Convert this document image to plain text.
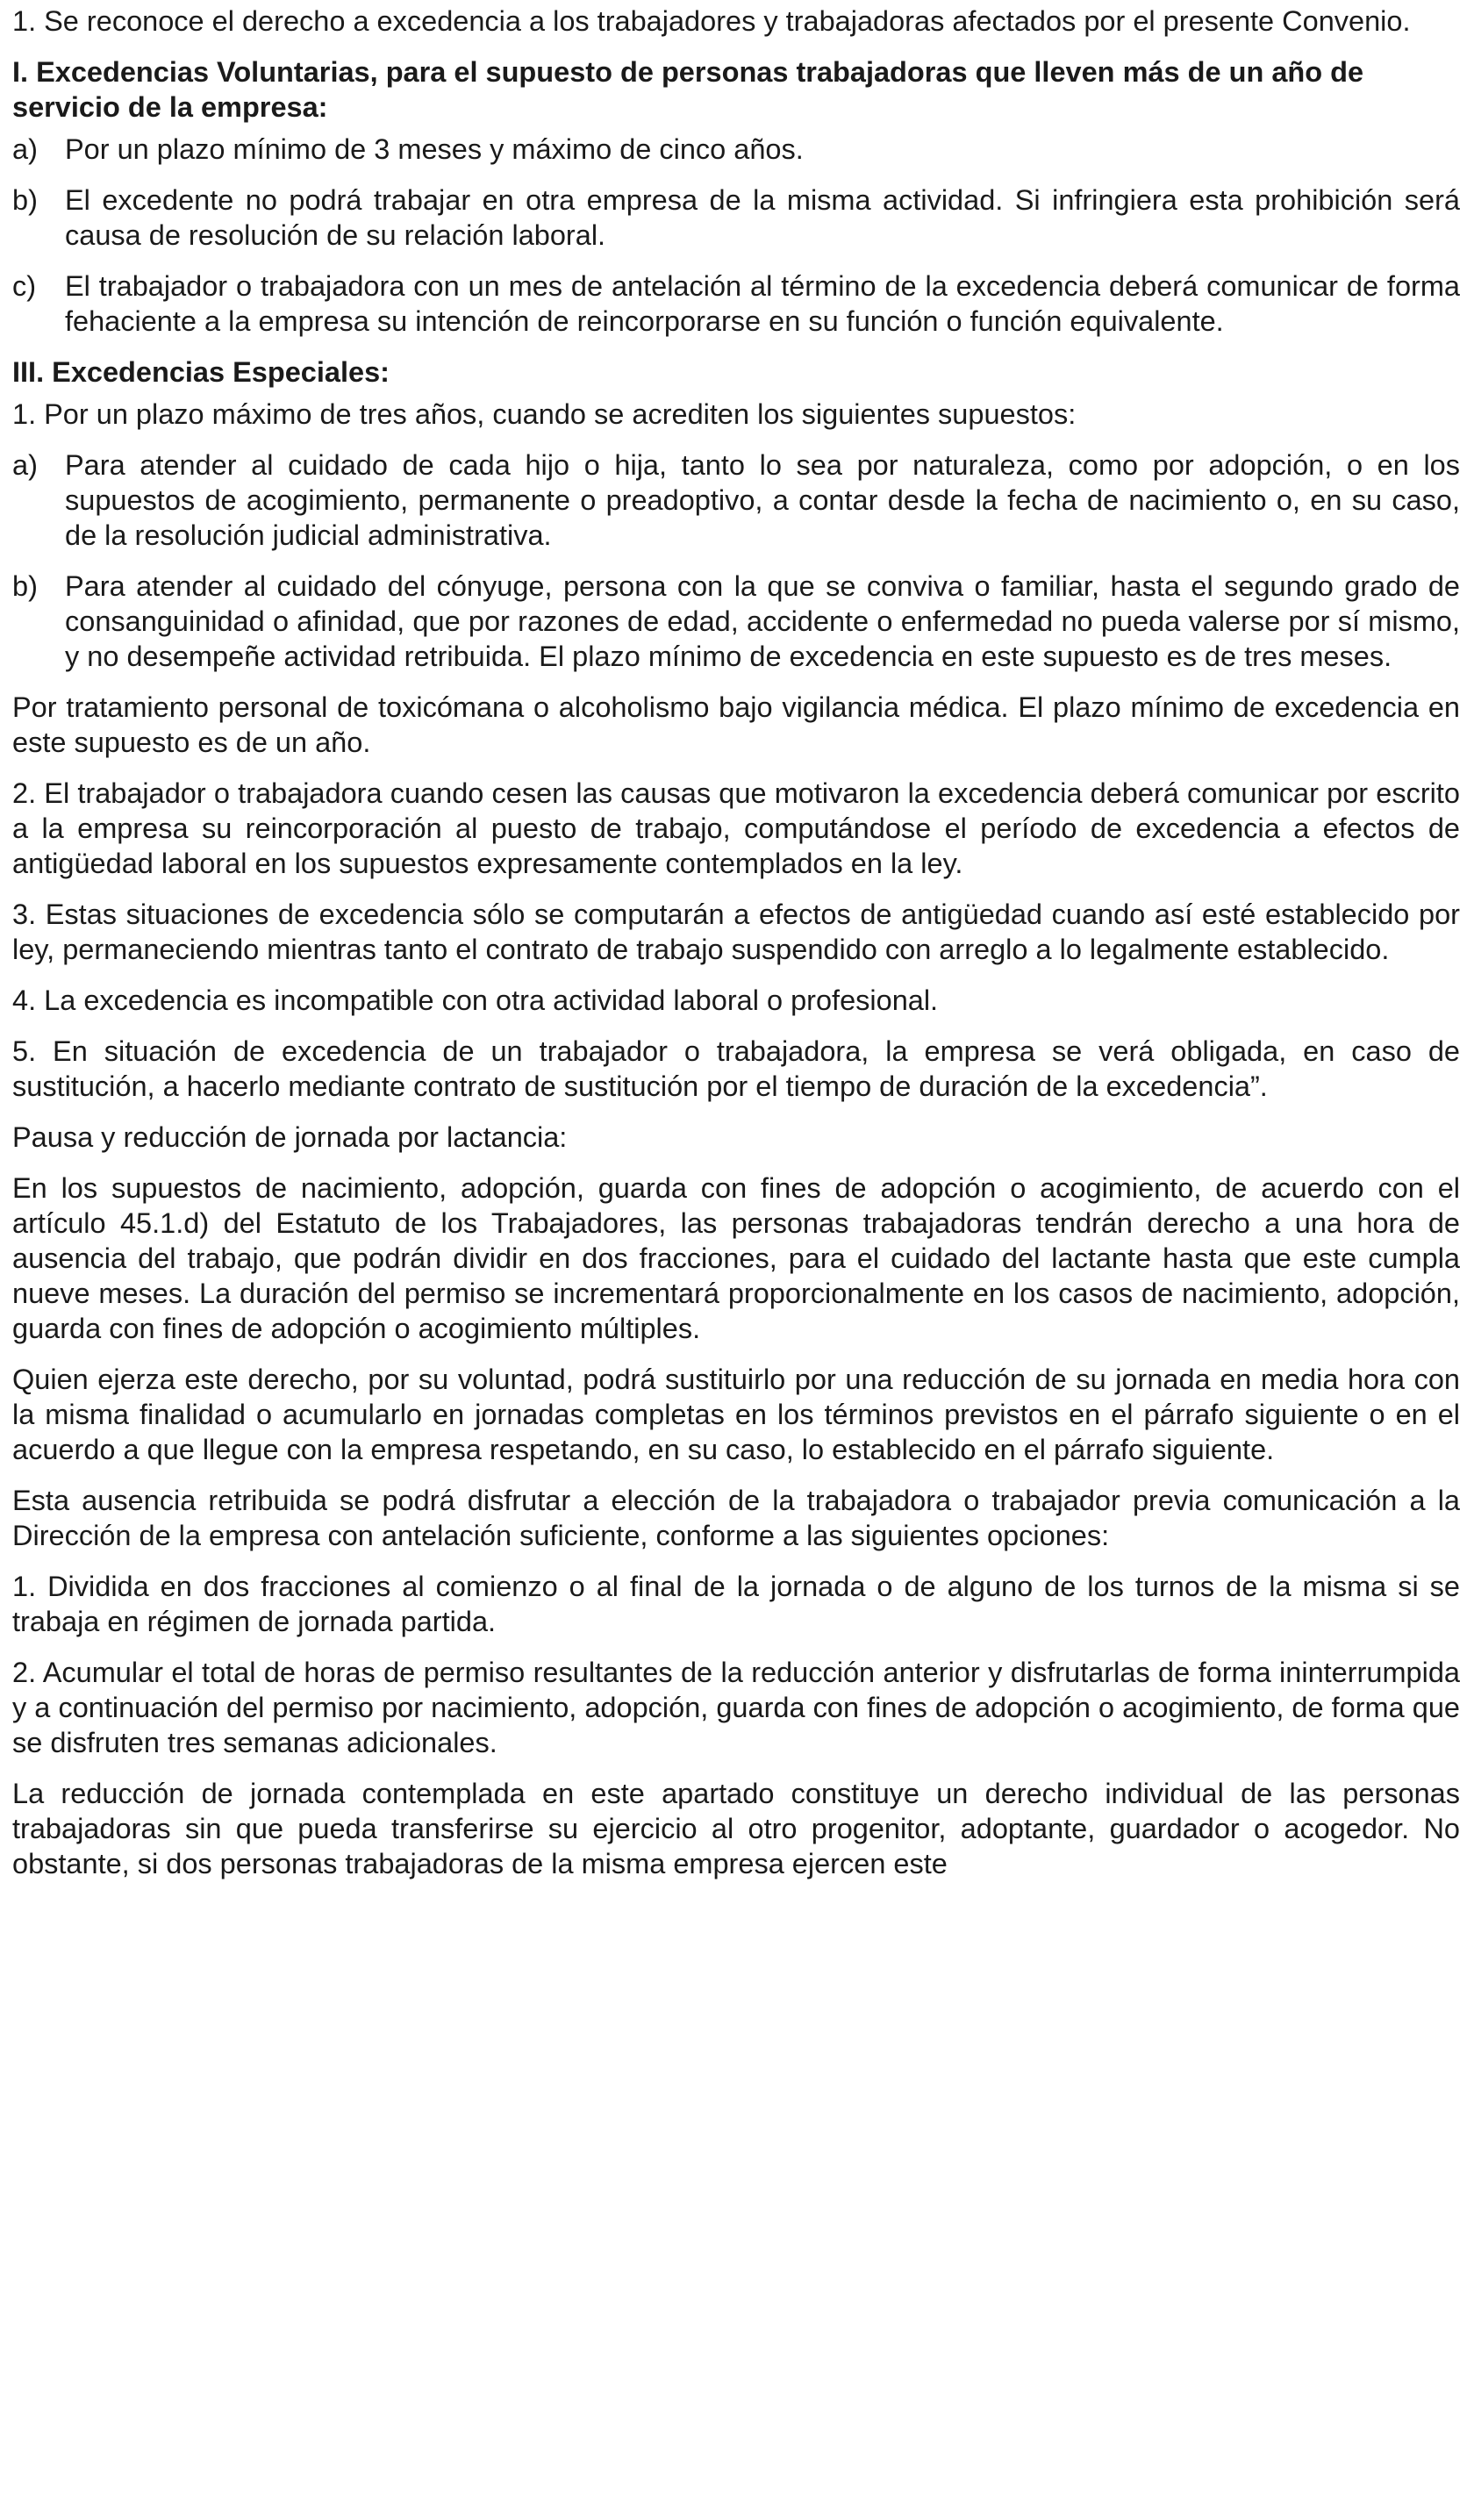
1. Se reconoce el derecho a excedencia a los trabajadores y trabajadoras afectados por el presente Convenio.

I. Excedencias Voluntarias, para el supuesto de personas trabajadoras que lleven más de un año de servicio de la empresa:
a) Por un plazo mínimo de 3 meses y máximo de cinco años.
b) El excedente no podrá trabajar en otra empresa de la misma actividad. Si infringiera esta prohibición será causa de resolución de su relación laboral.
c)	El trabajador o trabajadora con un mes de antelación al término de la excedencia deberá comunicar de forma fehaciente a la empresa su intención de reincorporarse en su función o función equivalente.
III. Excedencias Especiales:

1. Por un plazo máximo de tres años, cuando se acrediten los siguientes supuestos:

a) Para atender al cuidado de cada hijo o hija, tanto lo sea por naturaleza, como por adopción, o en los supuestos de acogimiento, permanente o preadoptivo, a contar desde la fecha de nacimiento o, en su caso, de la resolución judicial administrativa.
b) Para atender al cuidado del cónyuge, persona con la que se conviva o familiar, hasta el segundo grado de consanguinidad o afinidad, que por razones de edad, accidente o enfermedad no pueda valerse por sí mismo, y no desempeñe actividad retribuida. El plazo mínimo de excedencia en este supuesto es de tres meses.

Por tratamiento personal de toxicómana o alcoholismo bajo vigilancia médica. El plazo mínimo de excedencia en este supuesto es de un año.

2. El trabajador o trabajadora cuando cesen las causas que motivaron la excedencia deberá comunicar por escrito a la empresa su reincorporación al puesto de trabajo, computándose el período de excedencia a efectos de antigüedad laboral en los supuestos expresamente contemplados en la ley.

3. Estas situaciones de excedencia sólo se computarán a efectos de antigüedad cuando así esté establecido por ley, permaneciendo mientras tanto el contrato de trabajo suspendido con arreglo a lo legalmente establecido.

4. La excedencia es incompatible con otra actividad laboral o profesional.

5. En situación de excedencia de un trabajador o trabajadora, la empresa se verá obligada, en caso de sustitución, a hacerlo mediante contrato de sustitución por el tiempo de duración de la excedencia”.

Pausa y reducción de jornada por lactancia:

En los supuestos de nacimiento, adopción, guarda con fines de adopción o acogimiento, de acuerdo con el artículo 45.1.d) del Estatuto de los Trabajadores, las personas trabajadoras tendrán derecho a una hora de ausencia del trabajo, que podrán dividir en dos fracciones, para el cuidado del lactante hasta que este cumpla nueve meses. La duración del permiso se incrementará proporcionalmente en los casos de nacimiento, adopción, guarda con fines de adopción o acogimiento múltiples.

Quien ejerza este derecho, por su voluntad, podrá sustituirlo por una reducción de su jornada en media hora con la misma finalidad o acumularlo en jornadas completas en los términos previstos en el párrafo siguiente o en el acuerdo a que llegue con la empresa respetando, en su caso, lo establecido en el párrafo siguiente.

Esta ausencia retribuida se podrá disfrutar a elección de la trabajadora o trabajador previa comunicación a la Dirección de la empresa con antelación suficiente, conforme a las siguientes opciones:

1. Dividida en dos fracciones al comienzo o al final de la jornada o de alguno de los turnos de la misma si se trabaja en régimen de jornada partida.

2. Acumular el total de horas de permiso resultantes de la reducción anterior y disfrutarlas de forma ininterrumpida y a continuación del permiso por nacimiento, adopción, guarda con fines de adopción o acogimiento, de forma que se disfruten tres semanas adicionales.

La reducción de jornada contemplada en este apartado constituye un derecho individual de las personas trabajadoras sin que pueda transferirse su ejercicio al otro progenitor, adoptante, guardador o acogedor. No obstante, si dos personas trabajadoras de la misma empresa ejercen este
